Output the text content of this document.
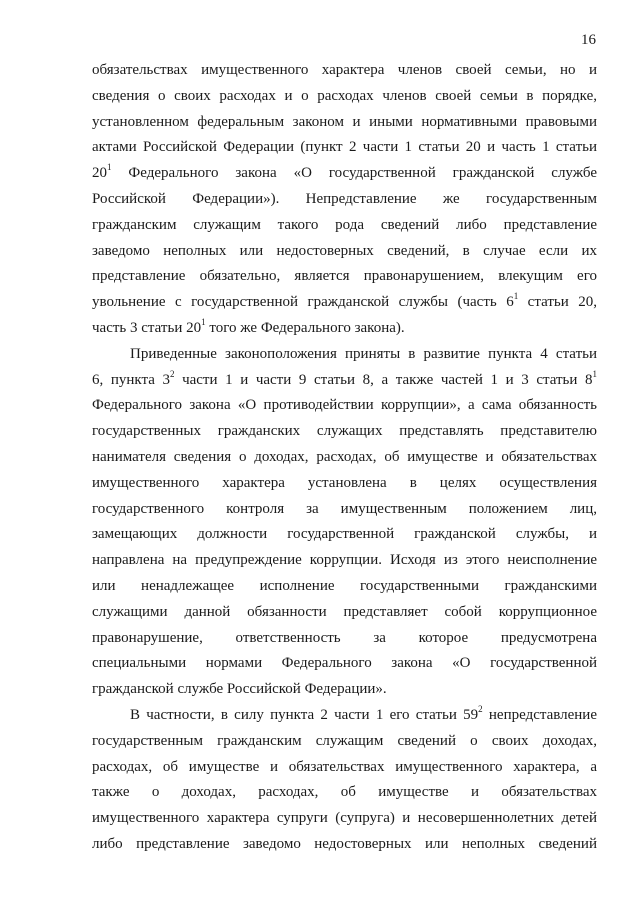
16
обязательствах имущественного характера членов своей семьи, но и
сведения о своих расходах и о расходах членов своей семьи в порядке,
установленном федеральным законом и иными нормативными правовыми
актами Российской Федерации (пункт 2 части 1 статьи 20 и часть 1 статьи
$20^1$ Федерального закона «О государственной гражданской службе
Российской Федерации»). Непредставление же государственным
гражданским служащим такого рода сведений либо представление
заведомо неполных или недостоверных сведений, в случае если их
представление обязательно, является правонарушением, влекущим его
увольнение с государственной гражданской службы (часть $6^1$ статьи 20,
часть 3 статьи $20^1$ того же Федерального закона).
Приведенные законоположения приняты в развитие пункта 4 статьи
6, пункта $3^2$ части 1 и части 9 статьи 8, а также частей 1 и 3 статьи $8^1$
Федерального закона «О противодействии коррупции», а сама обязанность
государственных гражданских служащих представлять представителю
нанимателя сведения о доходах, расходах, об имуществе и обязательствах
имущественного характера установлена в целях осуществления
государственного контроля за имущественным положением лиц,
замещающих должности государственной гражданской службы, и
направлена на предупреждение коррупции. Исходя из этого неисполнение
или ненадлежащее исполнение государственными гражданскими
служащими данной обязанности представляет собой коррупционное
правонарушение, ответственность за которое предусмотрена
специальными нормами Федерального закона «О государственной
гражданской службе Российской Федерации».
В частности, в силу пункта 2 части 1 его статьи $59^2$ непредставление
государственным гражданским служащим сведений о своих доходах,
расходах, об имуществе и обязательствах имущественного характера, а
также о доходах, расходах, об имуществе и обязательствах
имущественного характера супруги (супруга) и несовершеннолетних детей
либо представление заведомо недостоверных или неполных сведений
